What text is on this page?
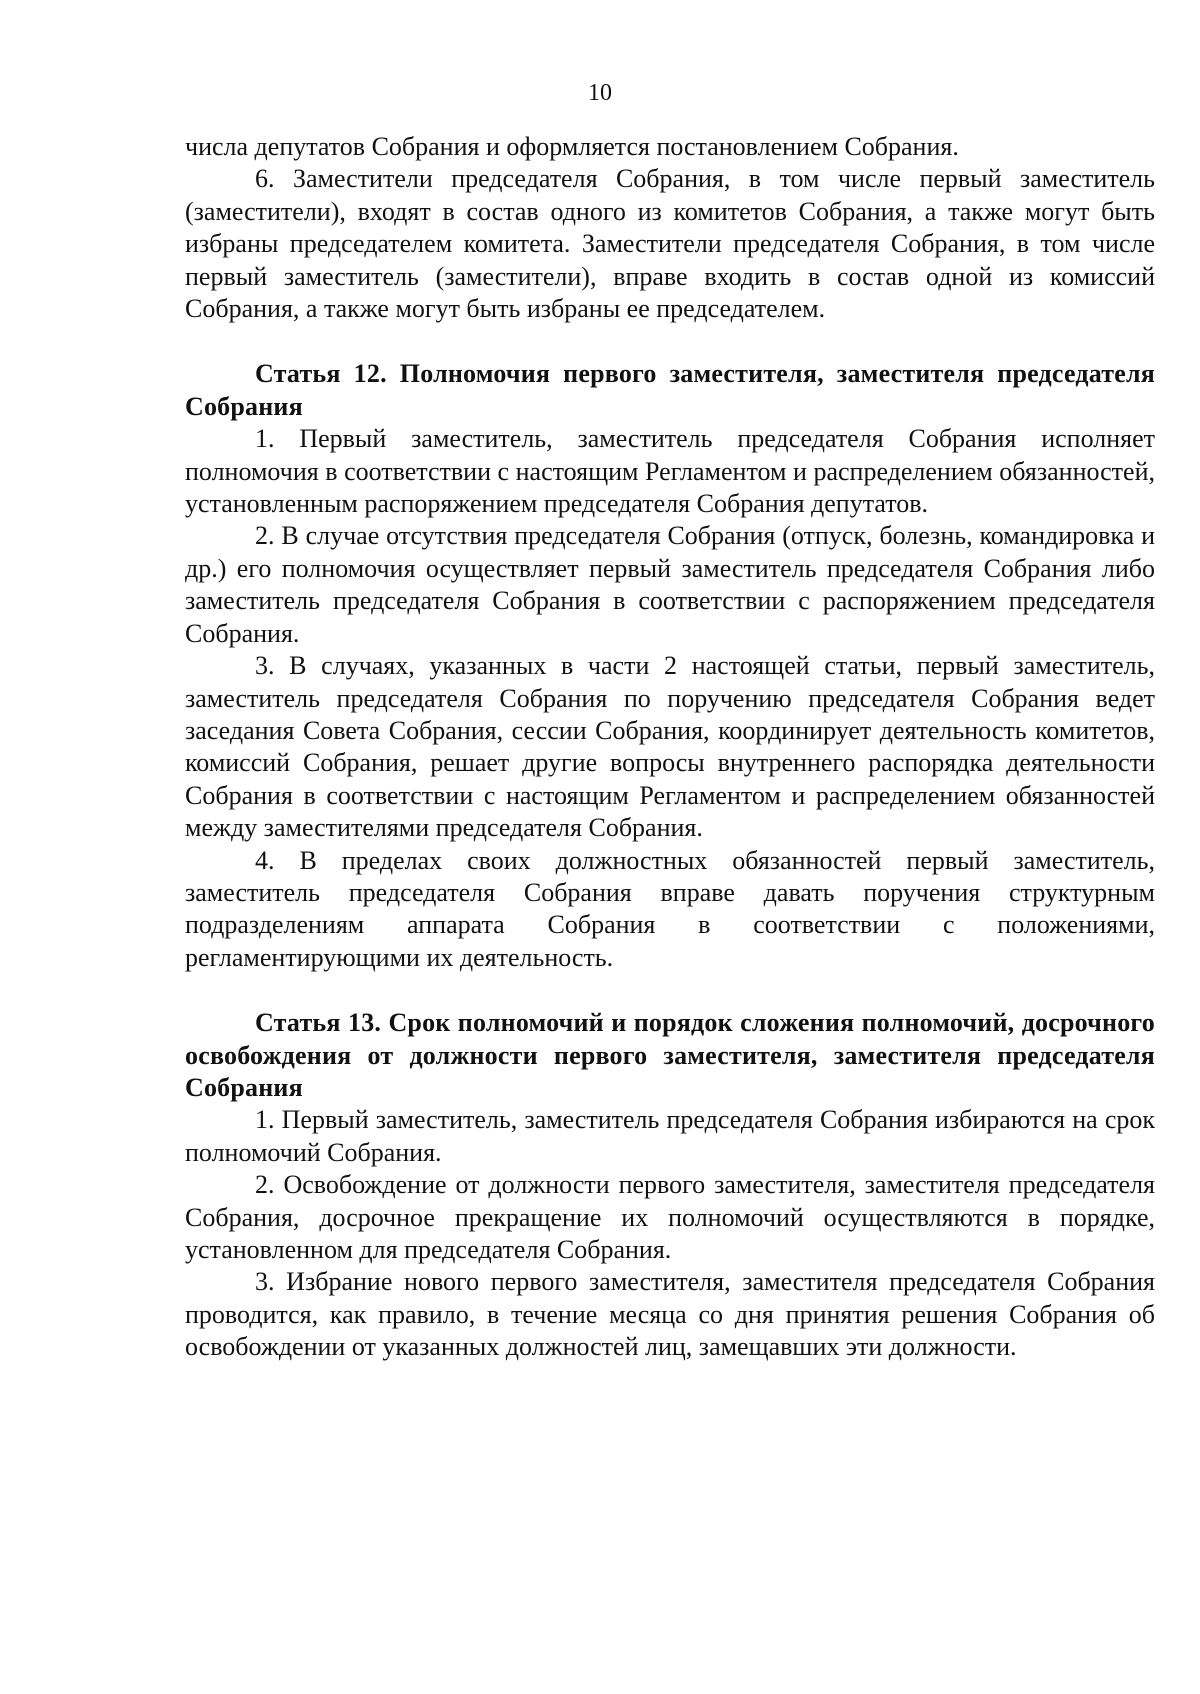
10

числа депутатов Собрания и оформляется постановлением Собрания.

6. Заместители председателя Собрания, в том числе первый заместитель (заместители), входят в состав одного из комитетов Собрания, а также могут быть избраны председателем комитета. Заместители председателя Собрания, в том числе первый заместитель (заместители), вправе входить в состав одной из комиссий Собрания, а также могут быть избраны ее председателем.

Статья 12. Полномочия первого заместителя, заместителя председателя Собрания

1. Первый заместитель, заместитель председателя Собрания исполняет полномочия в соответствии с настоящим Регламентом и распределением обязанностей, установленным распоряжением председателя Собрания депутатов.

2. В случае отсутствия председателя Собрания (отпуск, болезнь, командировка и др.) его полномочия осуществляет первый заместитель председателя Собрания либо заместитель председателя Собрания в соответствии с распоряжением председателя Собрания.

3. В случаях, указанных в части 2 настоящей статьи, первый заместитель, заместитель председателя Собрания по поручению председателя Собрания ведет заседания Совета Собрания, сессии Собрания, координирует деятельность комитетов, комиссий Собрания, решает другие вопросы внутреннего распорядка деятельности Собрания в соответствии с настоящим Регламентом и распределением обязанностей между заместителями председателя Собрания.

4. В пределах своих должностных обязанностей первый заместитель, заместитель председателя Собрания вправе давать поручения структурным подразделениям аппарата Собрания в соответствии с положениями, регламентирующими их деятельность.

Статья 13. Срок полномочий и порядок сложения полномочий, досрочного освобождения от должности первого заместителя, заместителя председателя Собрания

1. Первый заместитель, заместитель председателя Собрания избираются на срок полномочий Собрания.

2. Освобождение от должности первого заместителя, заместителя председателя Собрания, досрочное прекращение их полномочий осуществляются в порядке, установленном для председателя Собрания.

3. Избрание нового первого заместителя, заместителя председателя Собрания проводится, как правило, в течение месяца со дня принятия решения Собрания об освобождении от указанных должностей лиц, замещавших эти должности.
